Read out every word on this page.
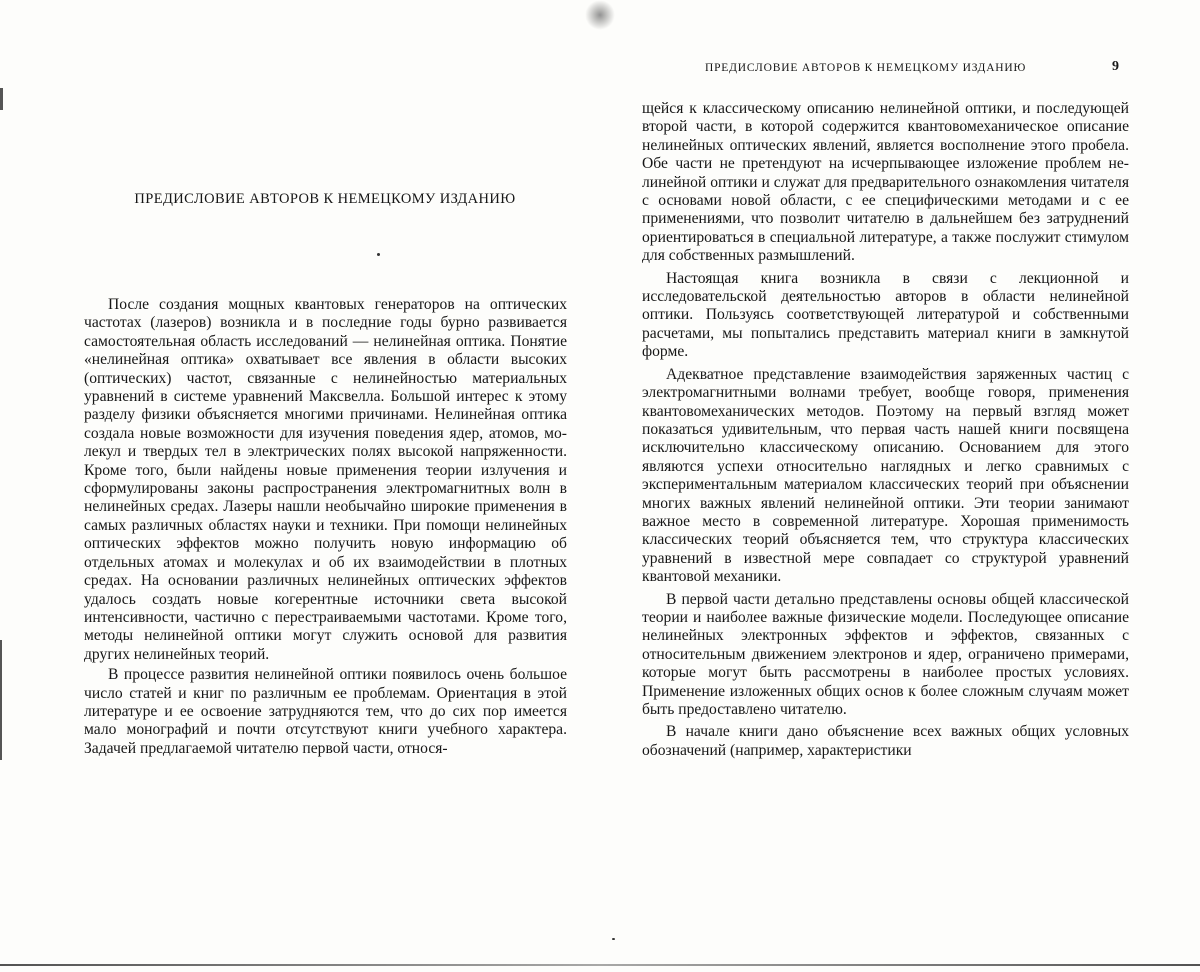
ПРЕДИСЛОВИЕ АВТОРОВ К НЕМЕЦКОМУ ИЗДАНИЮ

После создания мощных квантовых генераторов на оптических частотах (лазеров) возникла и в последние годы бурно развивается самостоятельная область исследований — нелинейная оптика. Понятие «нелинейная оптика» охватывает все явления в области высоких (оптических) частот, связанные с нелинейностью материальных уравнений в системе уравнений Максвелла. Большой интерес к этому разделу физики объясняется многими причинами. Нелинейная оптика создала новые возможности для изучения поведения ядер, атомов, молекул и твердых тел в электрических полях высокой напряженности. Кроме того, были найдены новые применения теории излучения и сформулированы законы распространения электромагнитных волн в нелинейных средах. Лазеры нашли необычайно широкие применения в самых различных областях науки и техники. При помощи нелинейных оптических эффектов можно получить новую информацию об отдельных атомах и молекулах и об их взаимодействии в плотных средах. На основании различных нелинейных оптических эффектов удалось создать новые когерентные источники света высокой интенсивности, частично с перестраиваемыми частотами. Кроме того, методы нелинейной оптики могут служить основой для развития других нелинейных теорий.

В процессе развития нелинейной оптики появилось очень большое число статей и книг по различным ее проблемам. Ориентация в этой литературе и ее освоение затрудняются тем, что до сих пор имеется мало монографий и почти отсутствуют книги учебного характера. Задачей предлагаемой читателю первой части, относя-

ПРЕДИСЛОВИЕ АВТОРОВ К НЕМЕЦКОМУ ИЗДАНИЮ	9

щейся к классическому описанию нелинейной оптики, и последующей второй части, в которой содержится квантовомеханическое описание нелинейных оптических явлений, является восполнение этого пробела. Обе части не претендуют на исчерпывающее изложение проблем нелинейной оптики и служат для предварительного ознакомления читателя с основами новой области, с ее специфическими методами и с ее применениями, что позволит читателю в дальнейшем без затруднений ориентироваться в специальной литературе, а также послужит стимулом для собственных размышлений.

Настоящая книга возникла в связи с лекционной и исследовательской деятельностью авторов в области нелинейной оптики. Пользуясь соответствующей литературой и собственными расчетами, мы попытались представить материал книги в замкнутой форме.

Адекватное представление взаимодействия заряженных частиц с электромагнитными волнами требует, вообще говоря, применения квантовомеханических методов. Поэтому на первый взгляд может показаться удивительным, что первая часть нашей книги посвящена исключительно классическому описанию. Основанием для этого являются успехи относительно наглядных и легко сравнимых с экспериментальным материалом классических теорий при объяснении многих важных явлений нелинейной оптики. Эти теории занимают важное место в современной литературе. Хорошая применимость классических теорий объясняется тем, что структура классических уравнений в известной мере совпадает со структурой уравнений квантовой механики.

В первой части детально представлены основы общей классической теории и наиболее важные физические модели. Последующее описание нелинейных электронных эффектов и эффектов, связанных с относительным движением электронов и ядер, ограничено примерами, которые могут быть рассмотрены в наиболее простых условиях. Применение изложенных общих основ к более сложным случаям может быть предоставлено читателю.

В начале книги дано объяснение всех важных общих условных обозначений (например, характеристики
